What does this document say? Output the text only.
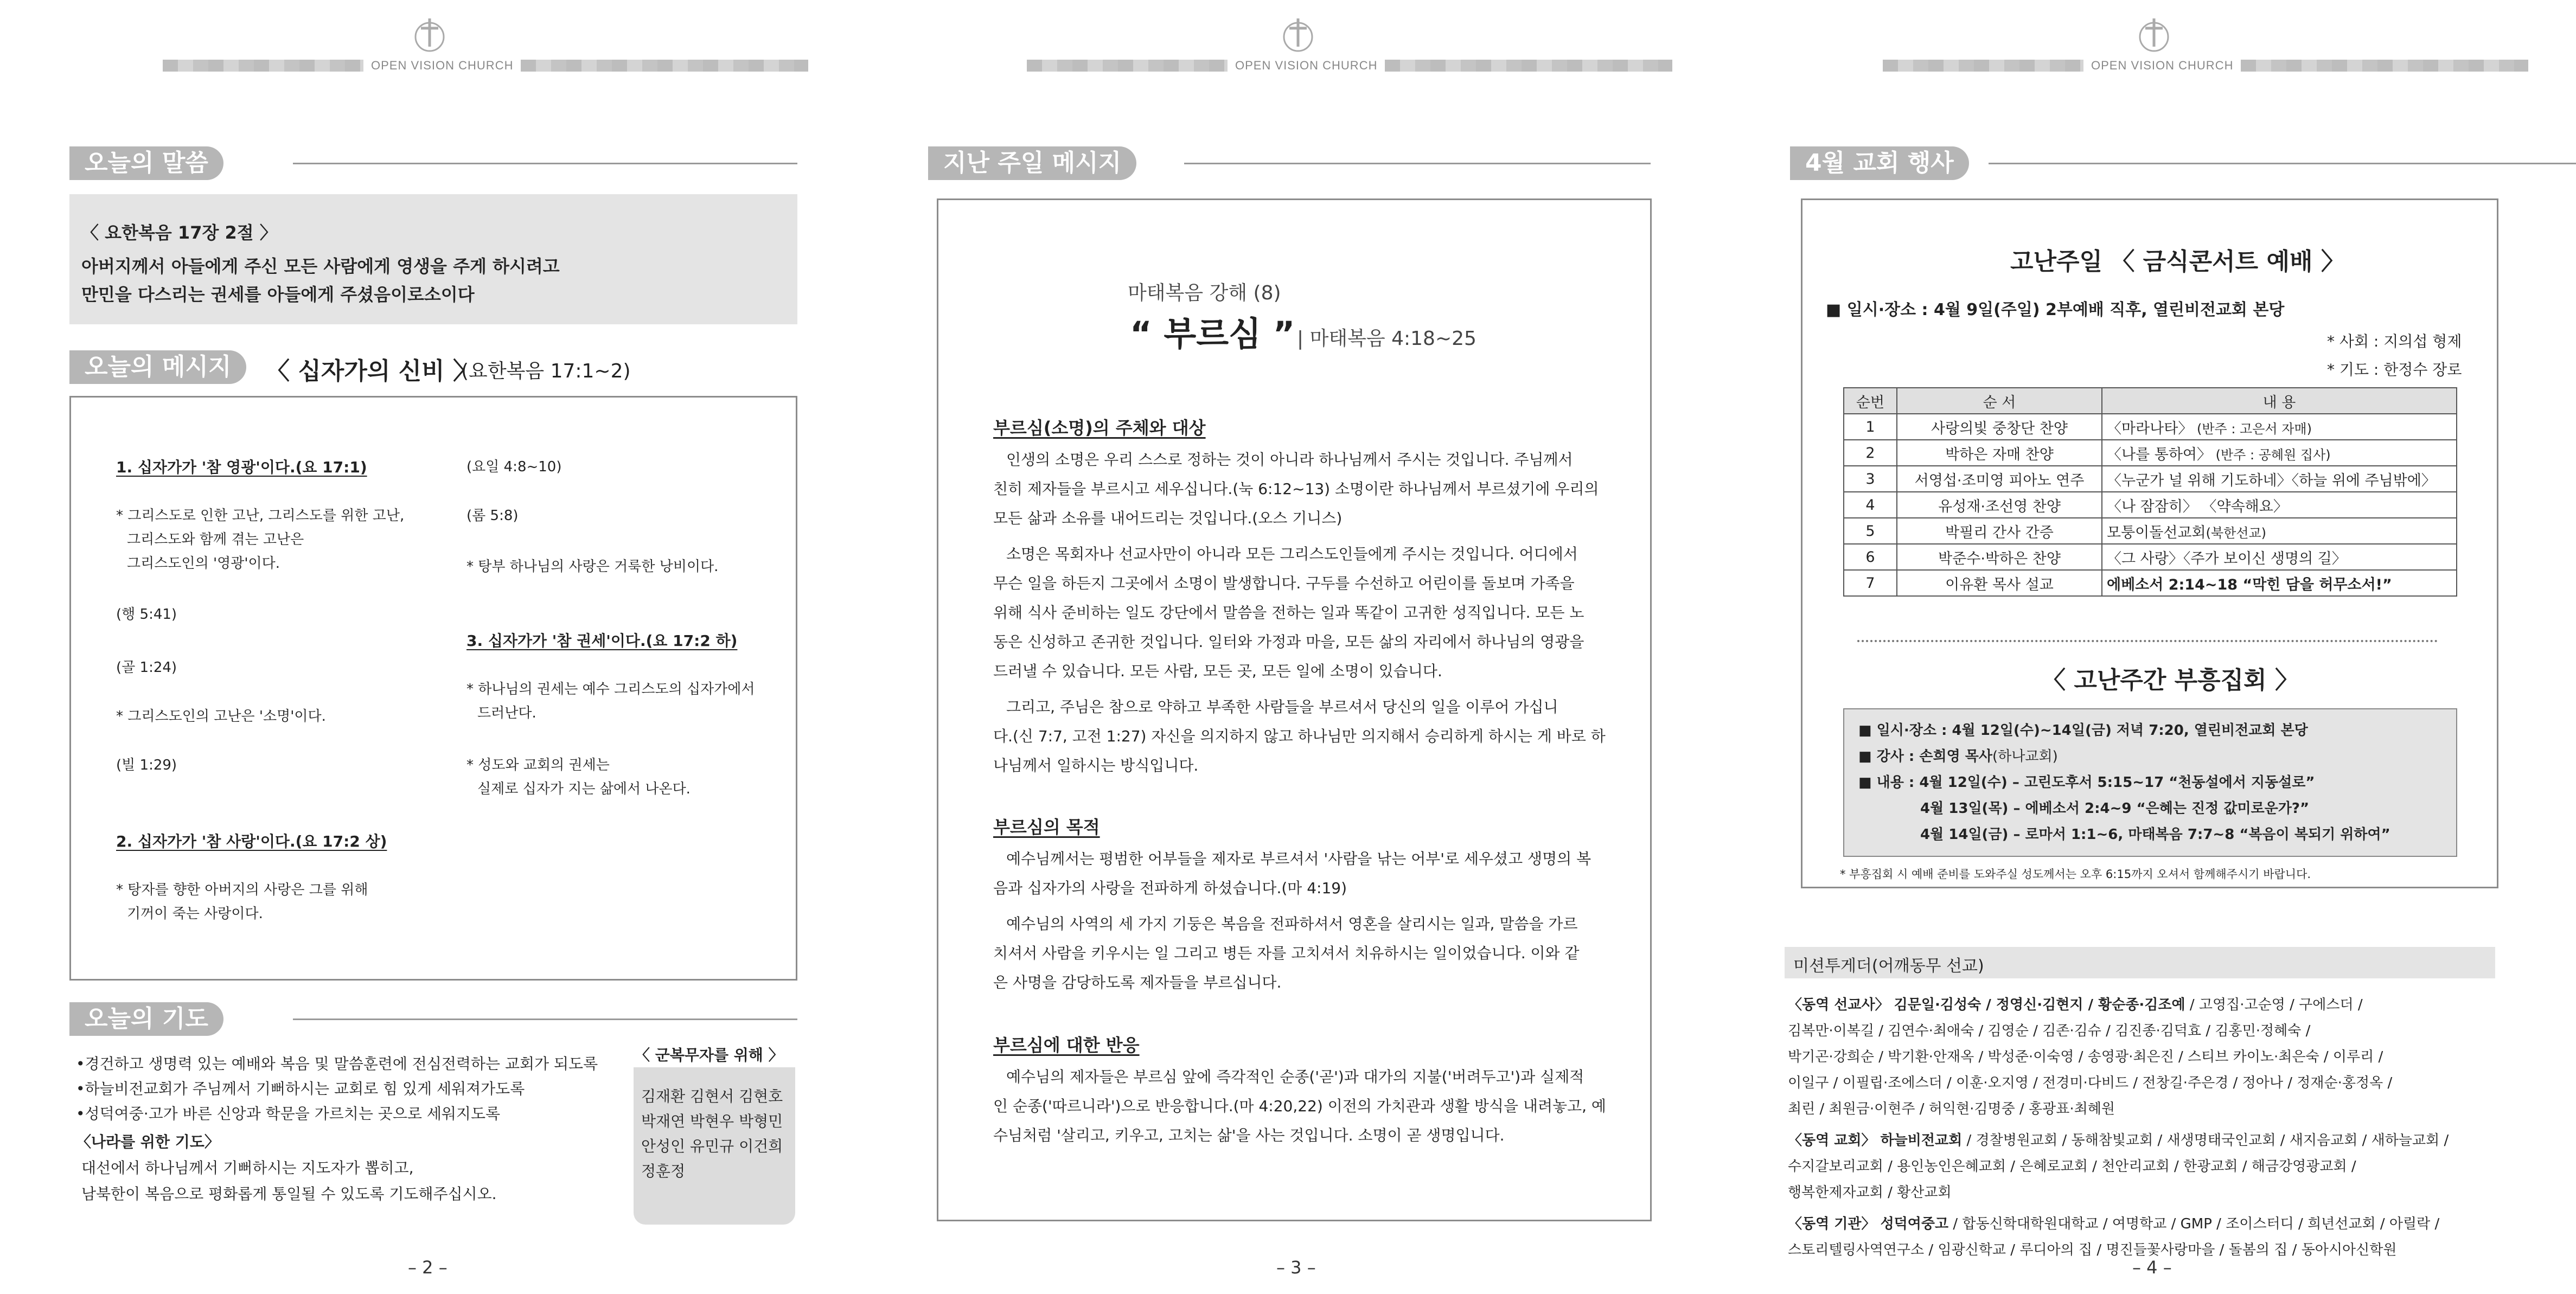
OPEN VISION CHURCH
오늘의 말씀
〈 요한복음 17장 2절 〉
아버지께서 아들에게 주신 모든 사람에게 영생을 주게 하시려고
만민을 다스리는 권세를 아들에게 주셨음이로소이다
오늘의 메시지	〈 십자가의 신비 〉
(요한복음 17:1~2)
1. 십자가가 '참 영광'이다.(요 17:1)
* 그리스도로 인한 고난, 그리스도를 위한 고난,
그리스도와 함께 겪는 고난은
그리스도인의 '영광'이다.
(행 5:41)
(골 1:24)
* 그리스도인의 고난은 '소명'이다.
(빌 1:29)
2. 십자가가 '참 사랑'이다.(요 17:2 상)
* 탕자를 향한 아버지의 사랑은 그를 위해
기꺼이 죽는 사랑이다.
(요일 4:8~10)
(롬 5:8)
* 탕부 하나님의 사랑은 거룩한 낭비이다.
3. 십자가가 '참 권세'이다.(요 17:2 하)
* 하나님의 권세는 예수 그리스도의 십자가에서
드러난다.
* 성도와 교회의 권세는
실제로 십자가 지는 삶에서 나온다.
오늘의 기도
•경건하고 생명력 있는 예배와 복음 및 말씀훈련에 전심전력하는 교회가 되도록
•하늘비전교회가 주님께서 기뻐하시는 교회로 힘 있게 세워져가도록
•성덕여중·고가 바른 신앙과 학문을 가르치는 곳으로 세워지도록
〈나라를 위한 기도〉
대선에서 하나님께서 기뻐하시는 지도자가 뽑히고,
남북한이 복음으로 평화롭게 통일될 수 있도록 기도해주십시오.
〈 군복무자를 위해 〉
김재환 김현서 김현호
박재연 박현우 박형민
안성인 유민규 이건희
정훈정
– 2 –
OPEN VISION CHURCH
지난 주일 메시지
마태복음 강해 (8)
“ 부르심 ” | 마태복음 4:18~25
부르심(소명)의 주체와 대상
인생의 소명은 우리 스스로 정하는 것이 아니라 하나님께서 주시는 것입니다. 주님께서
친히 제자들을 부르시고 세우십니다.(눅 6:12~13) 소명이란 하나님께서 부르셨기에 우리의
모든 삶과 소유를 내어드리는 것입니다.(오스 기니스)
소명은 목회자나 선교사만이 아니라 모든 그리스도인들에게 주시는 것입니다. 어디에서
무슨 일을 하든지 그곳에서 소명이 발생합니다. 구두를 수선하고 어린이를 돌보며 가족을
위해 식사 준비하는 일도 강단에서 말씀을 전하는 일과 똑같이 고귀한 성직입니다. 모든 노
동은 신성하고 존귀한 것입니다. 일터와 가정과 마을, 모든 삶의 자리에서 하나님의 영광을
드러낼 수 있습니다. 모든 사람, 모든 곳, 모든 일에 소명이 있습니다.
그리고, 주님은 참으로 약하고 부족한 사람들을 부르셔서 당신의 일을 이루어 가십니
다.(신 7:7, 고전 1:27) 자신을 의지하지 않고 하나님만 의지해서 승리하게 하시는 게 바로 하
나님께서 일하시는 방식입니다.
부르심의 목적
예수님께서는 평범한 어부들을 제자로 부르셔서 '사람을 낚는 어부'로 세우셨고 생명의 복
음과 십자가의 사랑을 전파하게 하셨습니다.(마 4:19)
예수님의 사역의 세 가지 기둥은 복음을 전파하셔서 영혼을 살리시는 일과, 말씀을 가르
치셔서 사람을 키우시는 일 그리고 병든 자를 고치셔서 치유하시는 일이었습니다. 이와 같
은 사명을 감당하도록 제자들을 부르십니다.
부르심에 대한 반응
예수님의 제자들은 부르심 앞에 즉각적인 순종('곧')과 대가의 지불('버려두고')과 실제적
인 순종('따르니라')으로 반응합니다.(마 4:20,22) 이전의 가치관과 생활 방식을 내려놓고, 예
수님처럼 '살리고, 키우고, 고치는 삶'을 사는 것입니다. 소명이 곧 생명입니다.
– 3 –
OPEN VISION CHURCH
4월 교회 행사
고난주일 〈 금식콘서트 예배 〉
■ 일시·장소 : 4월 9일(주일) 2부예배 직후, 열린비전교회 본당
* 사회 : 지의섭 형제
* 기도 : 한정수 장로
순번	순 서	내 용
1	사랑의빛 중창단 찬양	〈마라나타〉 (반주 : 고은서 자매)
2	박하은 자매 찬양	〈나를 통하여〉 (반주 : 공혜원 집사)
3	서영섭·조미영 피아노 연주	〈누군가 널 위해 기도하네〉〈하늘 위에 주님밖에〉
4	유성재·조선영 찬양	〈나 잠잠히〉 〈약속해요〉
5	박필리 간사 간증	모퉁이돌선교회(북한선교)
6	박준수·박하은 찬양	〈그 사랑〉〈주가 보이신 생명의 길〉
7	이유환 목사 설교	에베소서 2:14~18 “막힌 담을 허무소서!”
〈 고난주간 부흥집회 〉
■ 일시·장소 : 4월 12일(수)~14일(금) 저녁 7:20, 열린비전교회 본당
■ 강사 : 손희영 목사(하나교회)
■ 내용 : 4월 12일(수) – 고린도후서 5:15~17 “천동설에서 지동설로”
4월 13일(목) – 에베소서 2:4~9 “은혜는 진정 값미로운가?”
4월 14일(금) – 로마서 1:1~6, 마태복음 7:7~8 “복음이 복되기 위하여”
* 부흥집회 시 예배 준비를 도와주실 성도께서는 오후 6:15까지 오셔서 함께해주시기 바랍니다.
미션투게더(어깨동무 선교)
〈동역 선교사〉 김문일·김성숙 / 정영신·김현지 / 황순종·김조예 / 고영집·고순영 / 구에스더 /
김복만·이복길 / 김연수·최애숙 / 김영순 / 김존·김슈 / 김진종·김덕효 / 김홍민·정혜숙 /
박기곤·강희순 / 박기환·안재옥 / 박성준·이숙영 / 송영광·최은진 / 스티브 카이노·최은숙 / 이루리 /
이일구 / 이필립·조에스더 / 이훈·오지영 / 전경미·다비드 / 전창길·주은경 / 정아나 / 정재순·홍정옥 /
최린 / 최원금·이현주 / 허익현·김명중 / 홍광표·최혜원
〈동역 교회〉 하늘비전교회 / 경찰병원교회 / 동해참빛교회 / 새생명태국인교회 / 새지음교회 / 새하늘교회 /
수지갈보리교회 / 용인농인은혜교회 / 은혜로교회 / 천안리교회 / 한광교회 / 해금강영광교회 /
행복한제자교회 / 황산교회
〈동역 기관〉 성덕여중고 / 합동신학대학원대학교 / 여명학교 / GMP / 조이스터디 / 희년선교회 / 아릴락 /
스토리텔링사역연구소 / 임광신학교 / 루디아의 집 / 명진들꽃사랑마을 / 돌봄의 집 / 동아시아신학원
– 4 –
